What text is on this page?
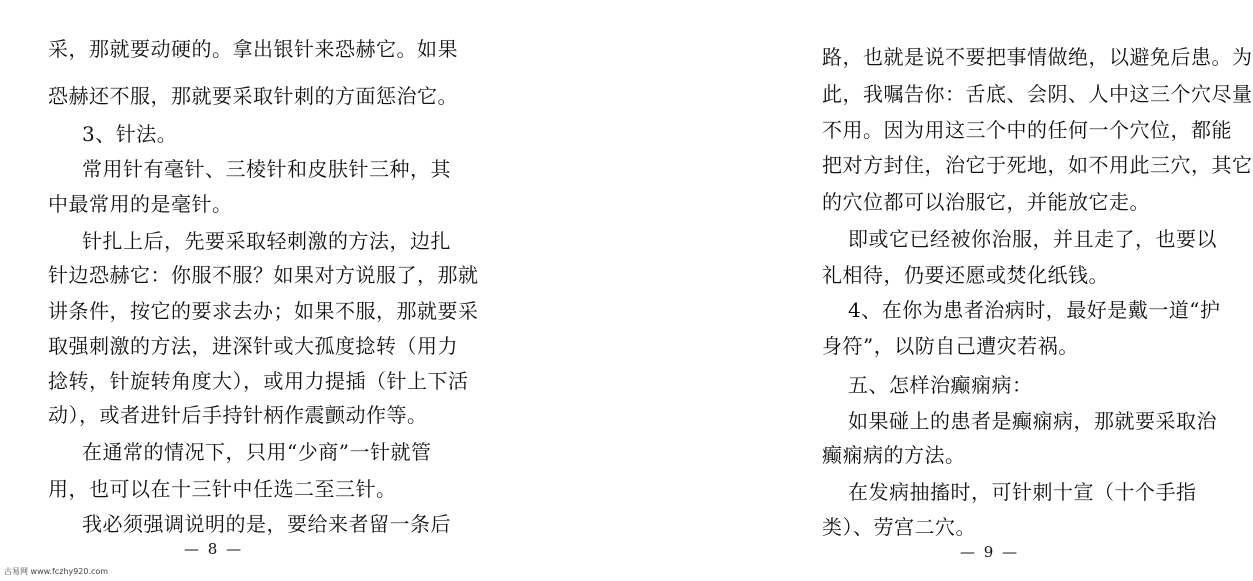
采，那就要动硬的。拿出银针来恐赫它。如果
恐赫还不服，那就要采取针刺的方面惩治它。
3、针法。
常用针有毫针、三棱针和皮肤针三种，其
中最常用的是毫针。
针扎上后，先要采取轻刺激的方法，边扎
针边恐赫它：你服不服？如果对方说服了，那就
讲条件，按它的要求去办；如果不服，那就要采
取强刺激的方法，进深针或大孤度捻转（用力
捻转，针旋转角度大），或用力提插（针上下活
动），或者进针后手持针柄作震颤动作等。
在通常的情况下，只用“少商”一针就管
用，也可以在十三针中任选二至三针。
我必须强调说明的是，要给来者留一条后
— 8 —
路，也就是说不要把事情做绝，以避免后患。为
此，我嘱告你：舌底、会阴、人中这三个穴尽量
不用。因为用这三个中的任何一个穴位，都能
把对方封住，治它于死地，如不用此三穴，其它
的穴位都可以治服它，并能放它走。
即或它已经被你治服，并且走了，也要以
礼相待，仍要还愿或焚化纸钱。
4、在你为患者治病时，最好是戴一道“护
身符”，以防自己遭灾若祸。
五、怎样治癫痫病：
如果碰上的患者是癫痫病，那就要采取治
癫痫病的方法。
在发病抽搐时，可针刺十宣（十个手指
类）、劳宫二穴。
— 9 —
古易网 www.fczhy920.com
